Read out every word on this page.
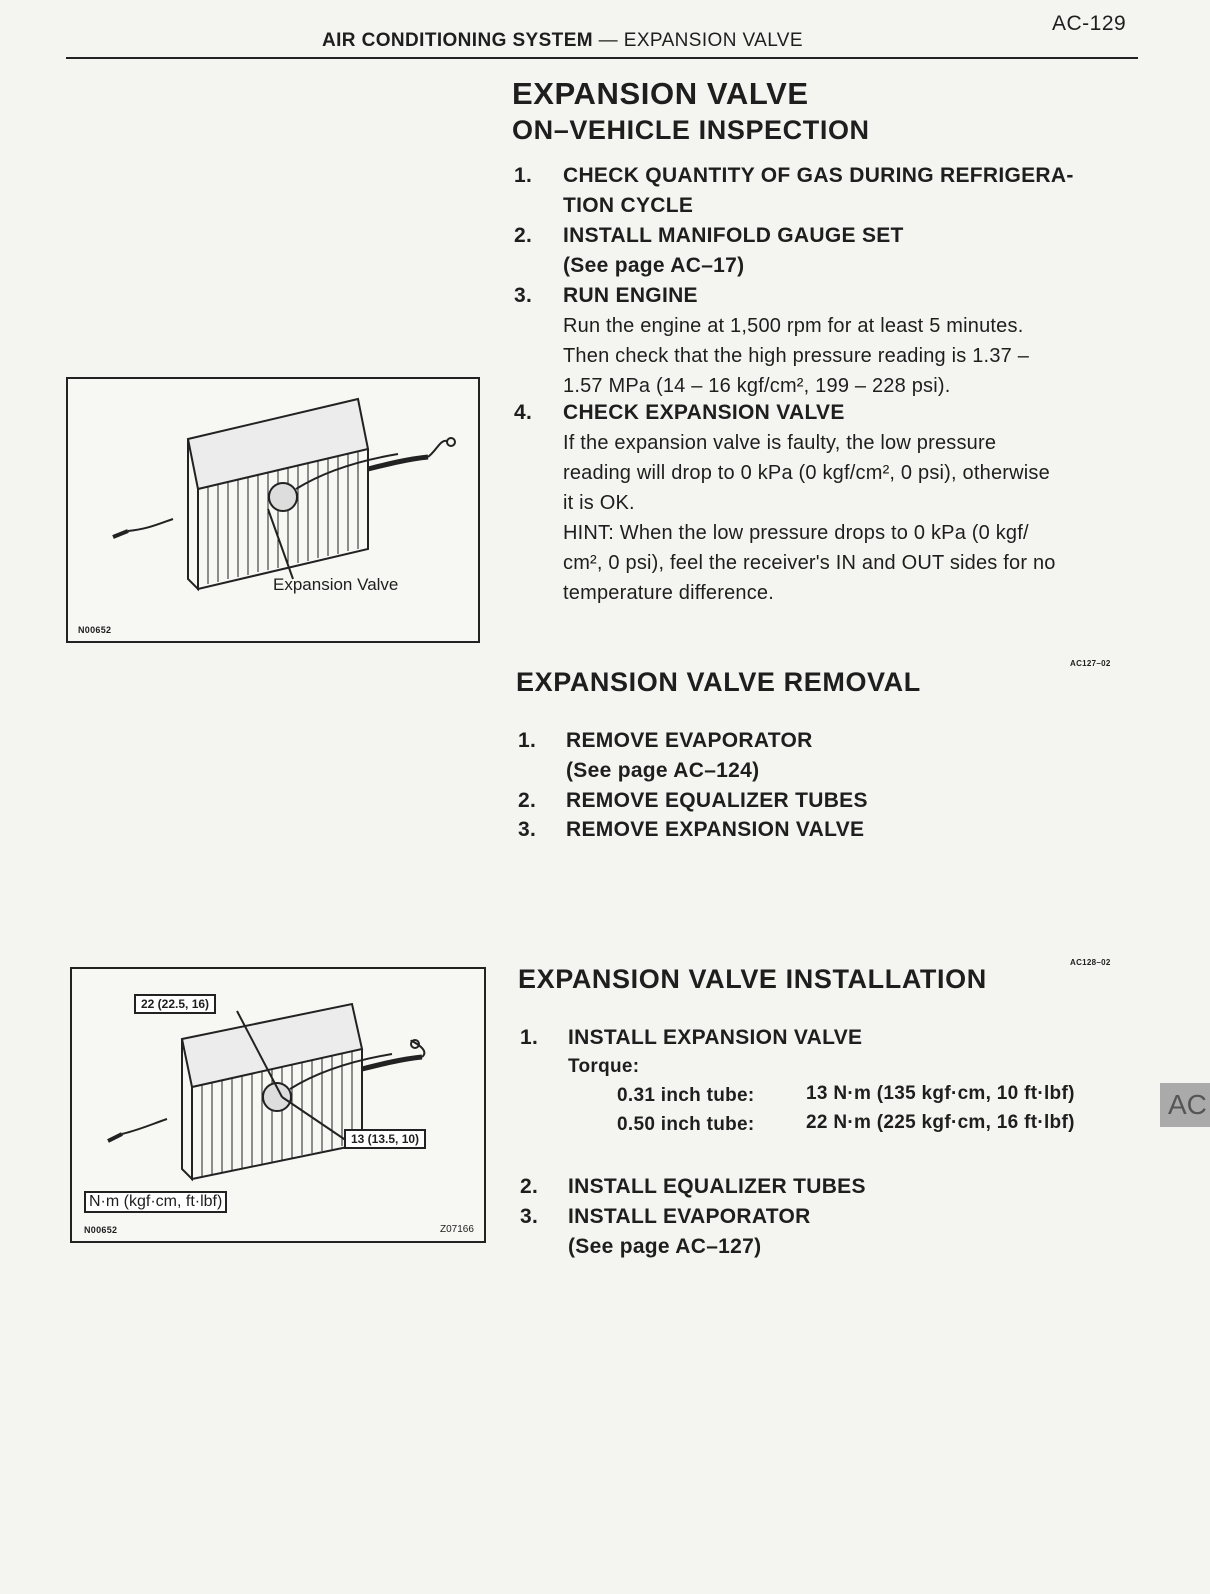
AIR CONDITIONING SYSTEM — EXPANSION VALVE
AC-129
EXPANSION VALVE
ON–VEHICLE INSPECTION
1. CHECK QUANTITY OF GAS DURING REFRIGERA-
TION CYCLE
2. INSTALL MANIFOLD GAUGE SET
(See page AC–17)
3. RUN ENGINE
Run the engine at 1,500 rpm for at least 5 minutes.
Then check that the high pressure reading is 1.37 –
1.57 MPa (14 – 16 kgf/cm², 199 – 228 psi).
4. CHECK EXPANSION VALVE
If the expansion valve is faulty, the low pressure
reading will drop to 0 kPa (0 kgf/cm², 0 psi), otherwise
it is OK.
HINT: When the low pressure drops to 0 kPa (0 kgf/
cm², 0 psi), feel the receiver's IN and OUT sides for no
temperature difference.
Expansion Valve
N00652
AC127–02
EXPANSION VALVE REMOVAL
1. REMOVE EVAPORATOR
(See page AC–124)
2. REMOVE EQUALIZER TUBES
3. REMOVE EXPANSION VALVE
22 (22.5, 16)
13 (13.5, 10)
N·m (kgf·cm, ft·lbf)
N00652	Z07166
AC128–02
EXPANSION VALVE INSTALLATION
1. INSTALL EXPANSION VALVE
Torque:
0.31 inch tube:	13 N·m (135 kgf·cm, 10 ft·lbf)
0.50 inch tube:	22 N·m (225 kgf·cm, 16 ft·lbf)
2. INSTALL EQUALIZER TUBES
3. INSTALL EVAPORATOR
(See page AC–127)
AC
